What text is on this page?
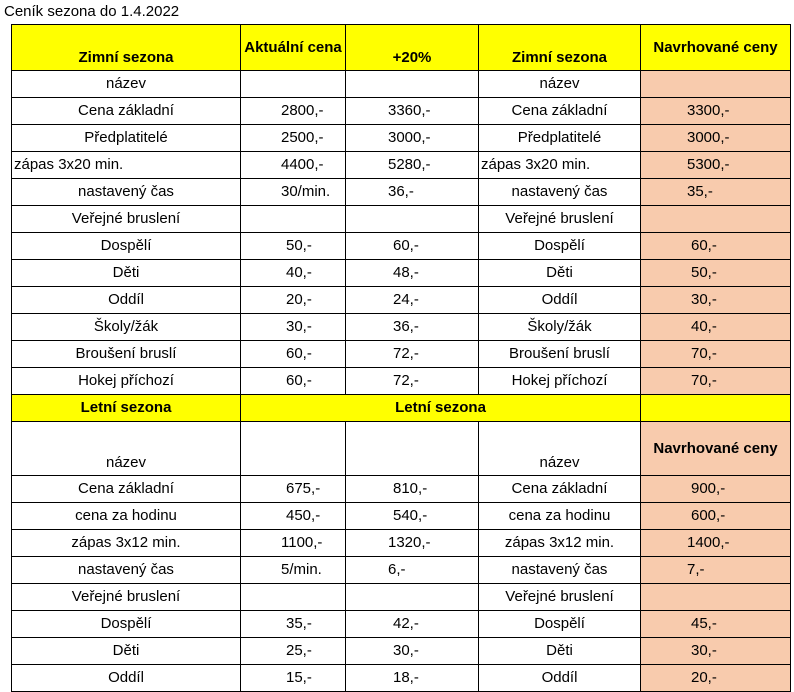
Ceník sezona do 1.4.2022
Zimní sezona	Aktuální cena	+20%	Zimní sezona	Navrhované ceny
název			název	
Cena základní	2800,-	3360,-	Cena základní	3300,-
Předplatitelé	2500,-	3000,-	Předplatitelé	3000,-
zápas 3x20 min.	4400,-	5280,-	zápas 3x20 min.	5300,-
nastavený čas	30/min.	36,-	nastavený čas	35,-
Veřejné bruslení			Veřejné bruslení	
Dospělí	50,-	60,-	Dospělí	60,-
Děti	40,-	48,-	Děti	50,-
Oddíl	20,-	24,-	Oddíl	30,-
Školy/žák	30,-	36,-	Školy/žák	40,-
Broušení bruslí	60,-	72,-	Broušení bruslí	70,-
Hokej příchozí	60,-	72,-	Hokej příchozí	70,-
Letní sezona	Letní sezona			
název			název	Navrhované ceny
Cena základní	675,-	810,-	Cena základní	900,-
cena za hodinu	450,-	540,-	cena za hodinu	600,-
zápas 3x12 min.	1100,-	1320,-	zápas 3x12 min.	1400,-
nastavený čas	5/min.	6,-	nastavený čas	7,-
Veřejné bruslení			Veřejné bruslení	
Dospělí	35,-	42,-	Dospělí	45,-
Děti	25,-	30,-	Děti	30,-
Oddíl	15,-	18,-	Oddíl	20,-
